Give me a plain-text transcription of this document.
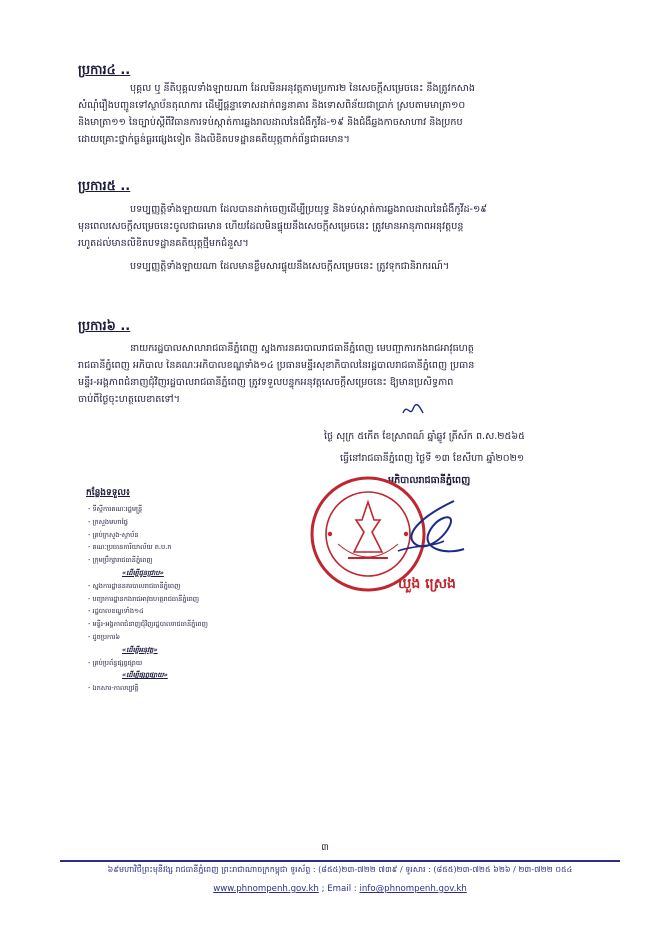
ប្រការ៤ ..
បុគ្គល ឬ នីតិបុគ្គលទាំងឡាយណា ដែលមិនអនុវត្តតាមប្រការ២ នៃសេចក្តីសម្រេចនេះ នឹងត្រូវកសាង
សំណុំរឿងបញ្ជូនទៅស្ថាប័នតុលាការ ដើម្បីផ្តន្ទាទោសដាក់ពន្ធនាគារ និងទោសពិន័យជាប្រាក់ ស្របតាមមាត្រា១០
និងមាត្រា១១ នៃច្បាប់ស្តីពីវិធានការទប់ស្កាត់ការឆ្លងរាលដាលនៃជំងឺកូវីដ-១៩ និងជំងឺឆ្លងកាចសាហាវ និងប្រកប
ដោយគ្រោះថ្នាក់ធ្ងន់ធ្ងរផ្សេងទៀត និងលិខិតបទដ្ឋានគតិយុត្តពាក់ព័ន្ធជាធរមាន។
ប្រការ៥ ..
បទប្បញ្ញត្តិទាំងឡាយណា ដែលបានដាក់ចេញដើម្បីប្រយុទ្ធ និងទប់ស្កាត់ការឆ្លងរាលដាលនៃជំងឺកូវីដ-១៩
មុនពេលសេចក្តីសម្រេចនេះចូលជាធរមាន ហើយដែលមិនផ្ទុយនឹងសេចក្តីសម្រេចនេះ ត្រូវមានអានុភាពអនុវត្តបន្ត
រហូតដល់មានលិខិតបទដ្ឋានគតិយុត្តថ្មីមកជំនួស។
បទប្បញ្ញត្តិទាំងឡាយណា ដែលមានខ្លឹមសារផ្ទុយនឹងសេចក្តីសម្រេចនេះ ត្រូវទុកជានិរាករណ៍។
ប្រការ៦ ..
នាយករដ្ឋបាលសាលារាជធានីភ្នំពេញ ស្នងការនគរបាលរាជធានីភ្នំពេញ មេបញ្ជាការកងរាជអាវុធហត្ថ
រាជធានីភ្នំពេញ អភិបាល នៃគណៈអភិបាលខណ្ឌទាំង១៤ ប្រធានមន្ទីរសុខាភិបាលនៃរដ្ឋបាលរាជធានីភ្នំពេញ ប្រធាន
មន្ទីរ-អង្គភាពជំនាញជុំវិញរដ្ឋបាលរាជធានីភ្នំពេញ ត្រូវទទួលបន្ទុកអនុវត្តសេចក្តីសម្រេចនេះ ឱ្យមានប្រសិទ្ធភាព
ចាប់ពីថ្ងៃចុះហត្ថលេខាតទៅ។
ថ្ងៃ សុក្រ ៥កើត ខែស្រាពណ៍ ឆ្នាំឆ្លូវ ត្រីស័ក ព.ស.២៥៦៥
ធ្វើនៅរាជធានីភ្នំពេញ ថ្ងៃទី ១៣ ខែសីហា ឆ្នាំ២០២១
អភិបាលរាជធានីភ្នំពេញ
ឃួង ស្រេង
កន្លែងទទួល៖
- ទីស្តីការគណៈរដ្ឋមន្ត្រី
- ក្រសួងមហាផ្ទៃ
- គ្រប់ក្រសួង-ស្ថាប័ន
- គណៈប្រធានការិយាល័យ ត.ប.ក
- ក្រុមប្រឹក្សារាជធានីភ្នំពេញ
«ដើម្បីជូនជ្រាប»
- ស្នងការដ្ឋាននគរបាលរាជធានីភ្នំពេញ
- បញ្ជាការដ្ឋានកងរាជអាវុធហត្ថរាជធានីភ្នំពេញ
- រដ្ឋបាលខណ្ឌទាំង១៤
- មន្ទីរ-អង្គភាពជំនាញជុំវិញរដ្ឋបាលរាជធានីភ្នំពេញ
- ដូចប្រការ៦
«ដើម្បីអនុវត្ត»
- គ្រប់ប្រព័ន្ធផ្សព្វផ្សាយ
«ដើម្បីផ្សព្វផ្សាយ»
- ឯកសារ-កាលប្បវត្តិ
៣
៦៩មហាវិថីព្រះមុនីវង្ស រាជធានីភ្នំពេញ ព្រះរាជាណាចក្រកម្ពុជា ទូរស័ព្ទ : (៨៥៥)២៣-៧២២ ៧៣៩ / ទូរសារ : (៨៥៥)២៣-៧២៥ ៦២៦ / ២៣-៧២២ ០៥៤
www.phnompenh.gov.kh ; Email : info@phnompenh.gov.kh
